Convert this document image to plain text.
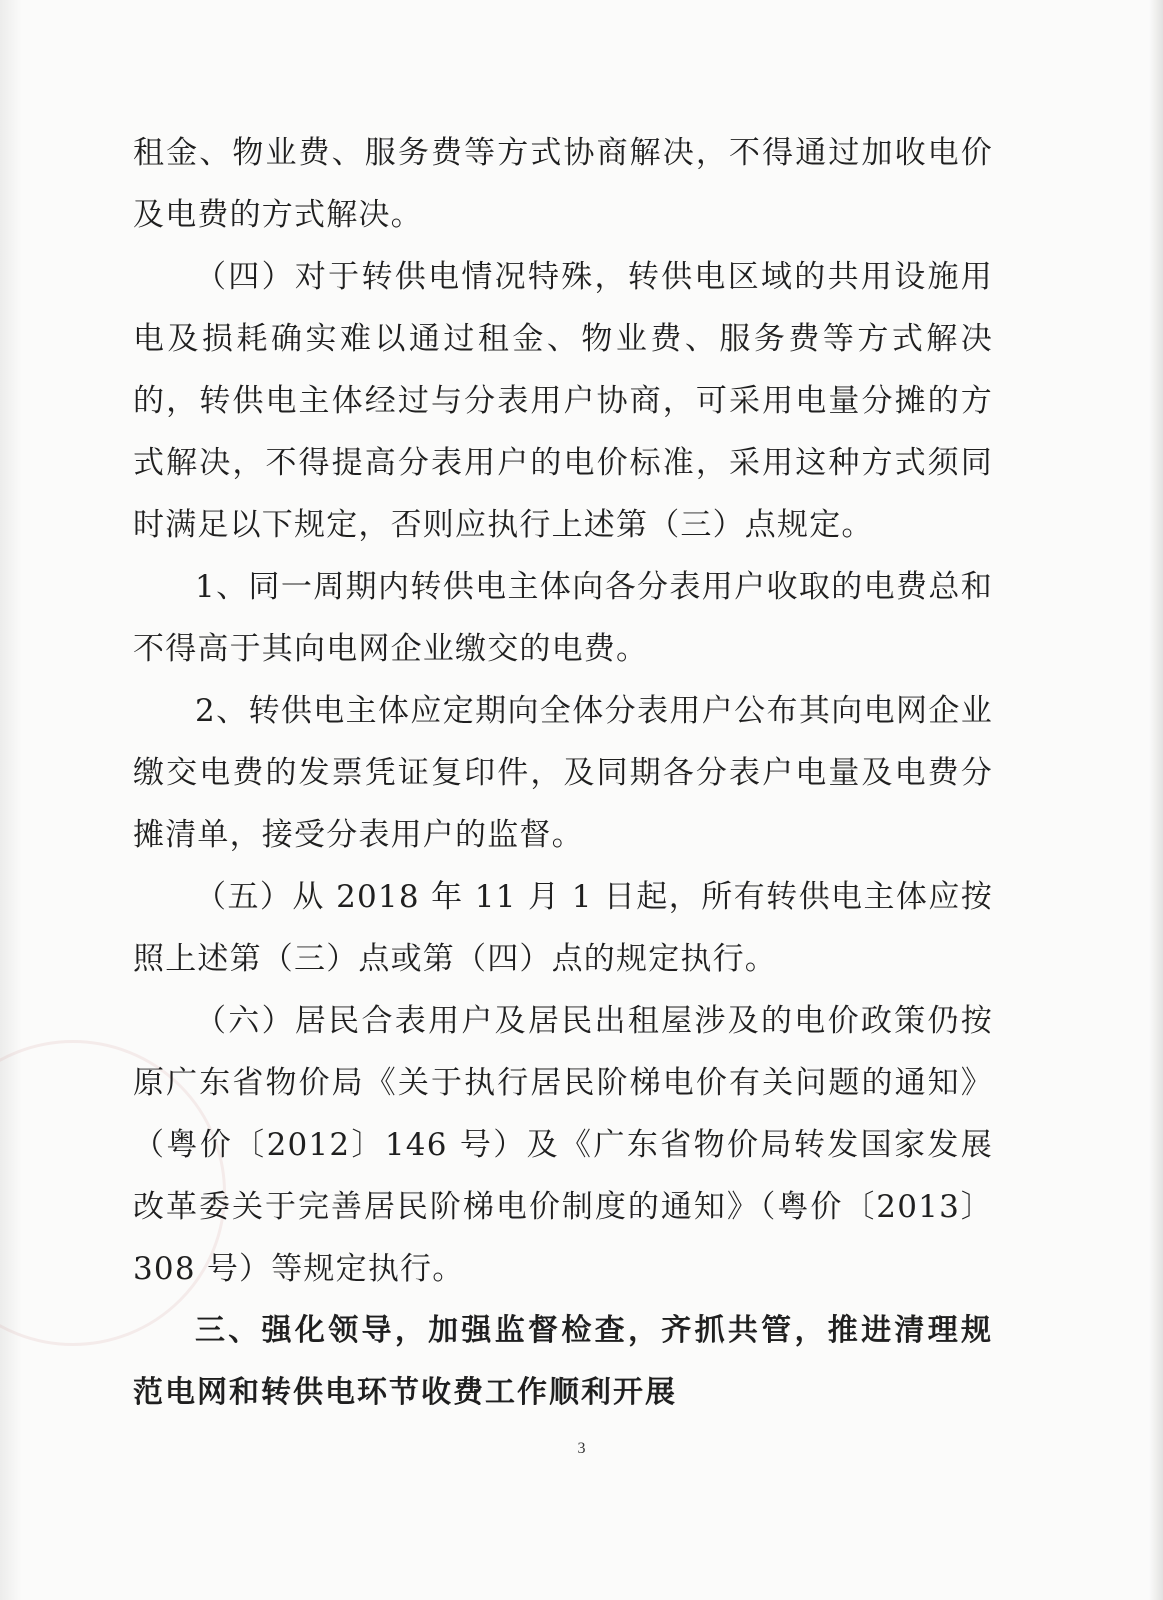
租金、物业费、服务费等方式协商解决，不得通过加收电价及电费的方式解决。

（四）对于转供电情况特殊，转供电区域的共用设施用电及损耗确实难以通过租金、物业费、服务费等方式解决的，转供电主体经过与分表用户协商，可采用电量分摊的方式解决，不得提高分表用户的电价标准，采用这种方式须同时满足以下规定，否则应执行上述第（三）点规定。

1、同一周期内转供电主体向各分表用户收取的电费总和不得高于其向电网企业缴交的电费。

2、转供电主体应定期向全体分表用户公布其向电网企业缴交电费的发票凭证复印件，及同期各分表户电量及电费分摊清单，接受分表用户的监督。

（五）从 2018 年 11 月 1 日起，所有转供电主体应按照上述第（三）点或第（四）点的规定执行。

（六）居民合表用户及居民出租屋涉及的电价政策仍按原广东省物价局《关于执行居民阶梯电价有关问题的通知》（粤价〔2012〕146 号）及《广东省物价局转发国家发展改革委关于完善居民阶梯电价制度的通知》（粤价〔2013〕308 号）等规定执行。

三、强化领导，加强监督检查，齐抓共管，推进清理规范电网和转供电环节收费工作顺利开展

3
